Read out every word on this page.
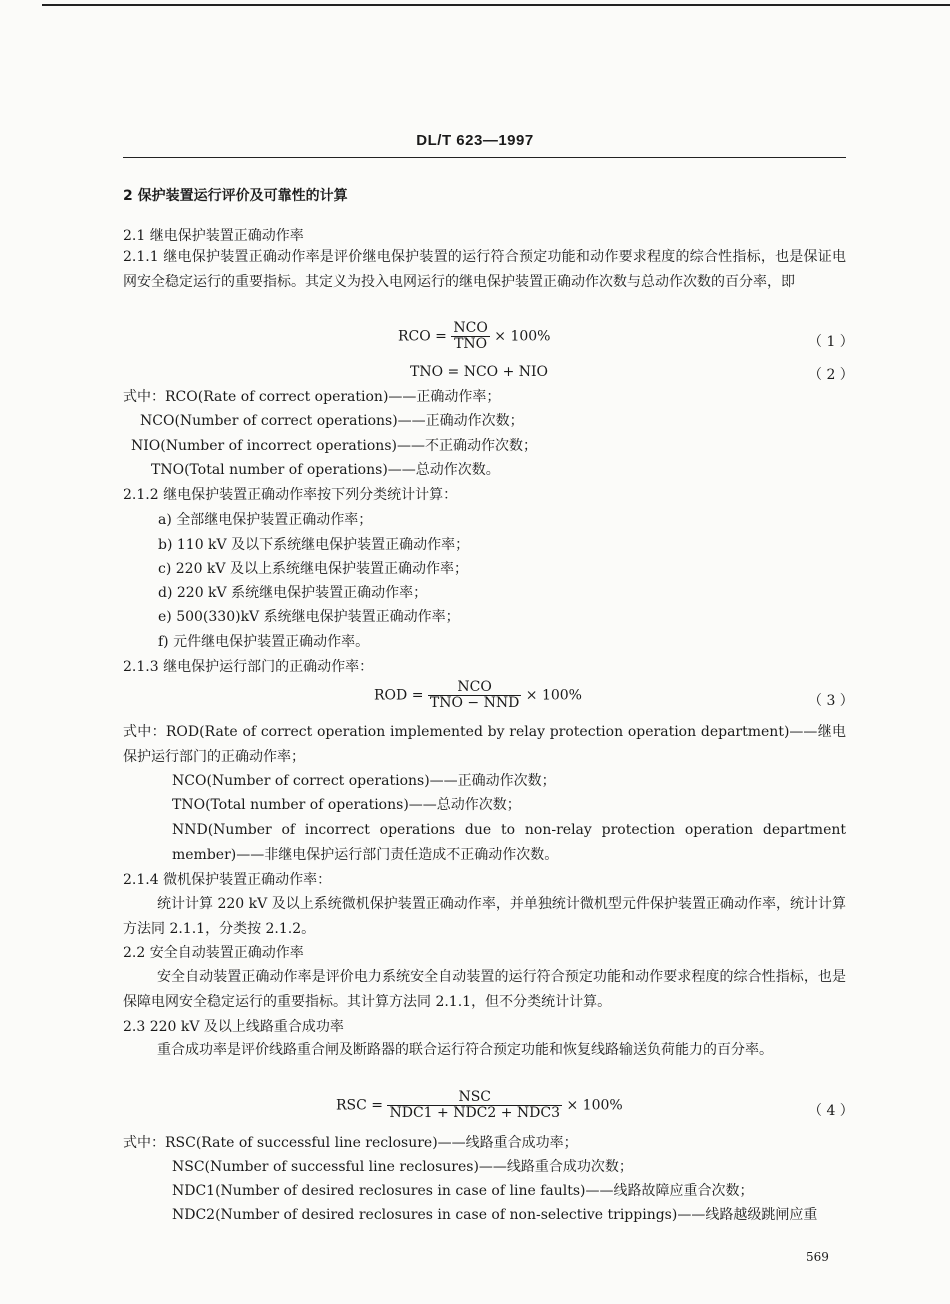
DL/T 623—1997
2 保护装置运行评价及可靠性的计算
2.1 继电保护装置正确动作率
2.1.1 继电保护装置正确动作率是评价继电保护装置的运行符合预定功能和动作要求程度的综合性指标，也是保证电网安全稳定运行的重要指标。其定义为投入电网运行的继电保护装置正确动作次数与总动作次数的百分率，即
RCO = $\frac{\text{NCO}}{\text{TNO}} \times 100\%$	（ 1 ）
TNO = NCO + NIO	（ 2 ）
式中：RCO(Rate of correct operation)——正确动作率；
NCO(Number of correct operations)——正确动作次数；
NIO(Number of incorrect operations)——不正确动作次数；
TNO(Total number of operations)——总动作次数。
2.1.2 继电保护装置正确动作率按下列分类统计计算：
a) 全部继电保护装置正确动作率；
b) 110 kV 及以下系统继电保护装置正确动作率；
c) 220 kV 及以上系统继电保护装置正确动作率；
d) 220 kV 系统继电保护装置正确动作率；
e) 500(330)kV 系统继电保护装置正确动作率；
f) 元件继电保护装置正确动作率。
2.1.3 继电保护运行部门的正确动作率：
ROD = $\frac{\text{NCO}}{\text{TNO − NND}} \times 100\%$	（ 3 ）
式中：ROD(Rate of correct operation implemented by relay protection operation department)——继电保护运行部门的正确动作率；
NCO(Number of correct operations)——正确动作次数；
TNO(Total number of operations)——总动作次数；
NND(Number of incorrect operations due to non-relay protection operation department member)——非继电保护运行部门责任造成不正确动作次数。
2.1.4 微机保护装置正确动作率：
统计计算 220 kV 及以上系统微机保护装置正确动作率，并单独统计微机型元件保护装置正确动作率，统计计算方法同 2.1.1，分类按 2.1.2。
2.2 安全自动装置正确动作率
安全自动装置正确动作率是评价电力系统安全自动装置的运行符合预定功能和动作要求程度的综合性指标，也是保障电网安全稳定运行的重要指标。其计算方法同 2.1.1，但不分类统计计算。
2.3 220 kV 及以上线路重合成功率
重合成功率是评价线路重合闸及断路器的联合运行符合预定功能和恢复线路输送负荷能力的百分率。
RSC = $\frac{\text{NSC}}{\text{NDC1 + NDC2 + NDC3}} \times 100\%$	（ 4 ）
式中：RSC(Rate of successful line reclosure)——线路重合成功率；
NSC(Number of successful line reclosures)——线路重合成功次数；
NDC1(Number of desired reclosures in case of line faults)——线路故障应重合次数；
NDC2(Number of desired reclosures in case of non-selective trippings)——线路越级跳闸应重
569
